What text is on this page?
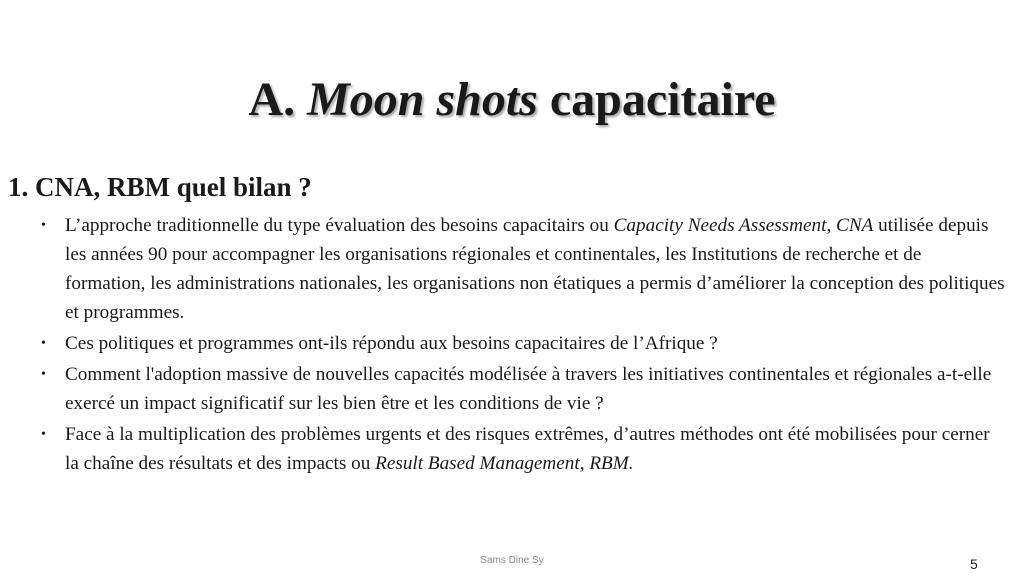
A. Moon shots capacitaire
1. CNA, RBM quel bilan ?
• L’approche traditionnelle du type évaluation des besoins capacitairs ou Capacity Needs Assessment, CNA utilisée depuis les années 90 pour accompagner les organisations régionales et continentales, les Institutions de recherche et de formation, les administrations nationales, les organisations non étatiques a permis d’améliorer la conception des politiques et programmes.
• Ces politiques et programmes ont-ils répondu aux besoins capacitaires de l’Afrique ?
• Comment l'adoption massive de nouvelles capacités modélisée à travers les initiatives continentales et régionales a-t-elle exercé un impact significatif sur les bien être et les conditions de vie ?
• Face à la multiplication des problèmes urgents et des risques extrêmes, d’autres méthodes ont été mobilisées pour cerner la chaîne des résultats et des impacts ou Result Based Management, RBM.
Sams Dine Sy	5
